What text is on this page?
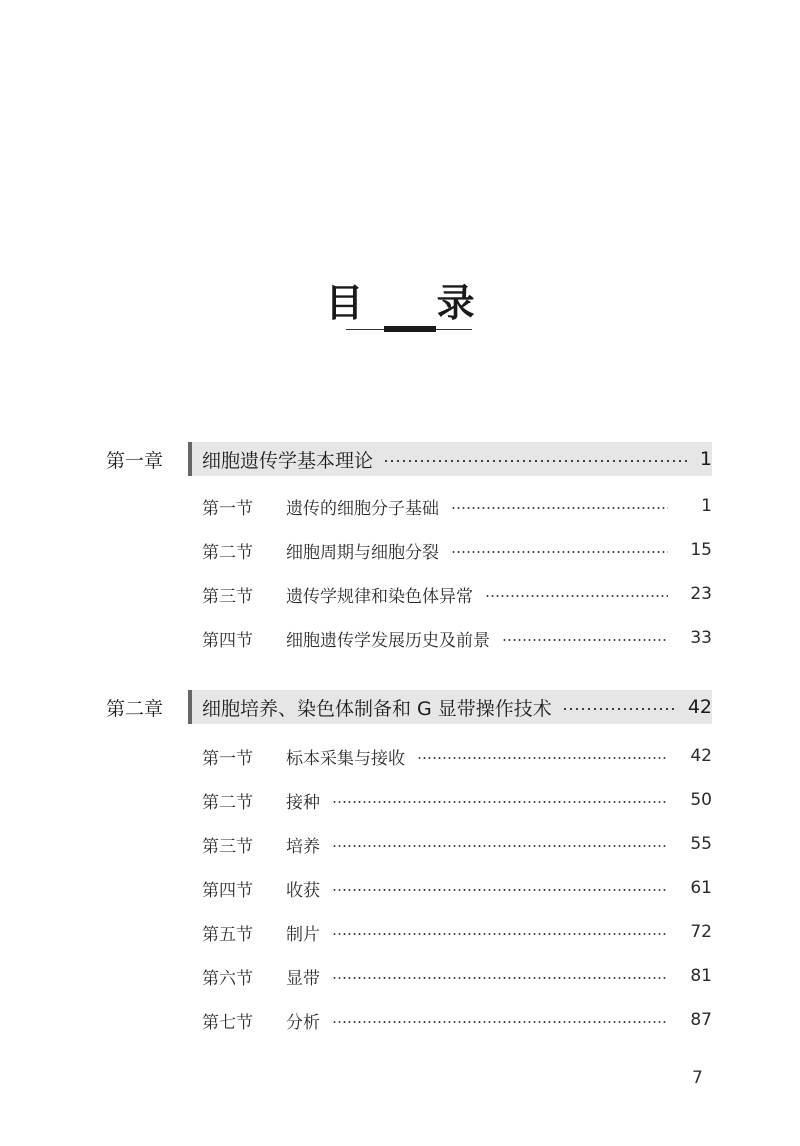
目 录
第一章 细胞遗传学基本理论	1
第一节	遗传的细胞分子基础	1
第二节	细胞周期与细胞分裂	15
第三节	遗传学规律和染色体异常	23
第四节	细胞遗传学发展历史及前景	33
第二章 细胞培养、染色体制备和 G 显带操作技术	42
第一节	标本采集与接收	42
第二节	接种	50
第三节	培养	55
第四节	收获	61
第五节	制片	72
第六节	显带	81
第七节	分析	87
7
